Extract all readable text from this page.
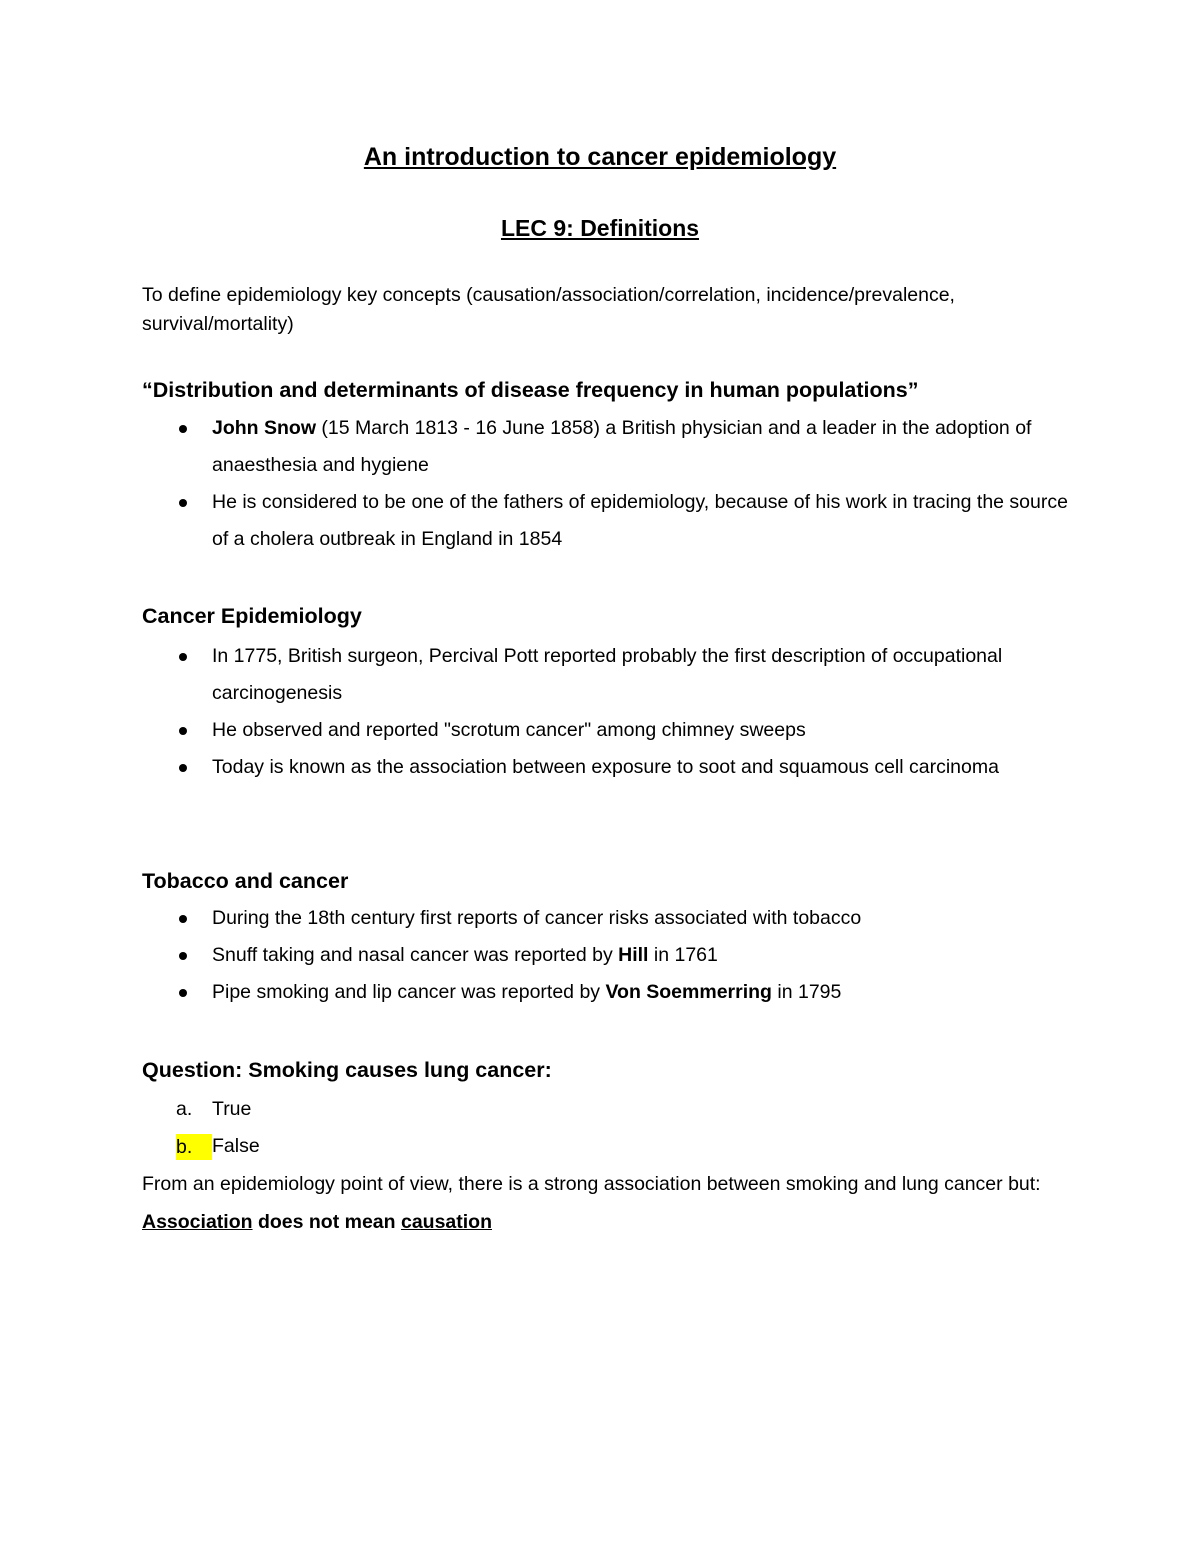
An introduction to cancer epidemiology
LEC 9: Definitions
To define epidemiology key concepts (causation/association/correlation, incidence/prevalence, survival/mortality)
“Distribution and determinants of disease frequency in human populations”
John Snow (15 March 1813 - 16 June 1858) a British physician and a leader in the adoption of anaesthesia and hygiene
He is considered to be one of the fathers of epidemiology, because of his work in tracing the source of a cholera outbreak in England in 1854
Cancer Epidemiology
In 1775, British surgeon, Percival Pott reported probably the first description of occupational carcinogenesis
He observed and reported "scrotum cancer" among chimney sweeps
Today is known as the association between exposure to soot and squamous cell carcinoma
Tobacco and cancer
During the 18th century first reports of cancer risks associated with tobacco
Snuff taking and nasal cancer was reported by Hill in 1761
Pipe smoking and lip cancer was reported by Von Soemmerring in 1795
Question: Smoking causes lung cancer:
a.	True
b.	False
From an epidemiology point of view, there is a strong association between smoking and lung cancer but: Association does not mean causation
